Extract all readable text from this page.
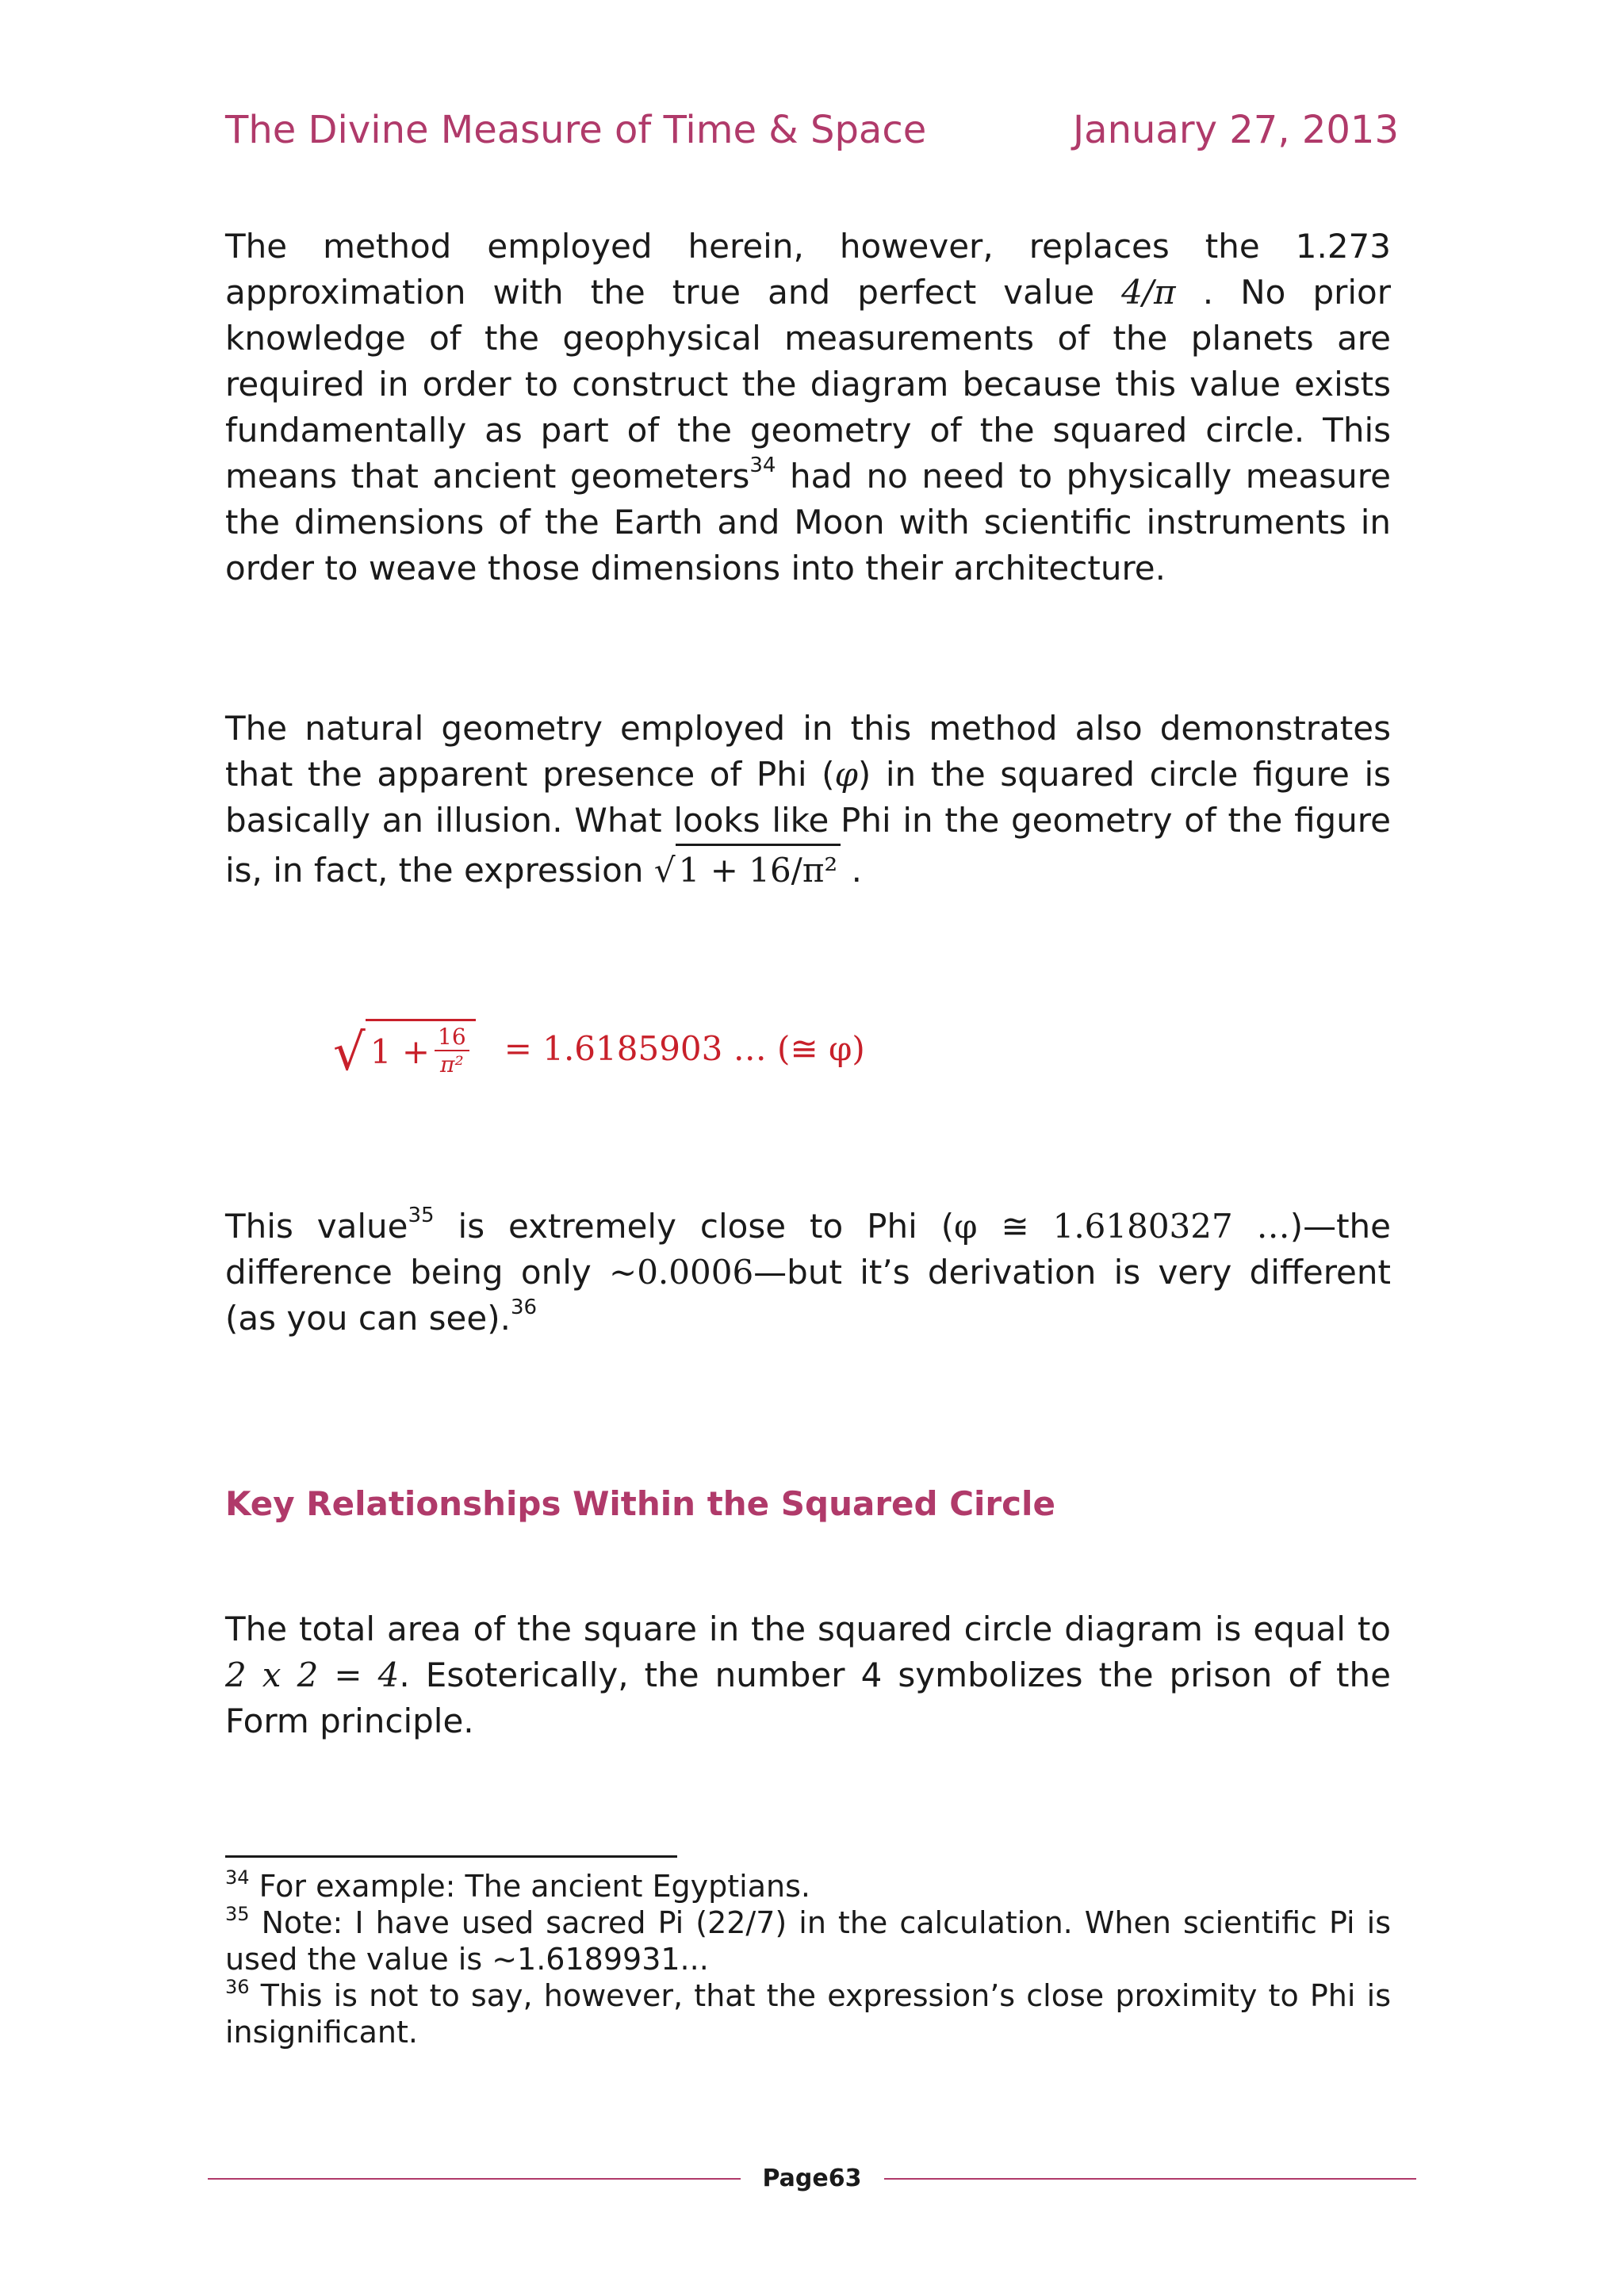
The Divine Measure of Time & Space	January 27, 2013
The method employed herein, however, replaces the 1.273 approximation with the true and perfect value 4/π . No prior knowledge of the geophysical measurements of the planets are required in order to construct the diagram because this value exists fundamentally as part of the geometry of the squared circle. This means that ancient geometers$^{34}$ had no need to physically measure the dimensions of the Earth and Moon with scientific instruments in order to weave those dimensions into their architecture.
The natural geometry employed in this method also demonstrates that the apparent presence of Phi (φ) in the squared circle figure is basically an illusion. What looks like Phi in the geometry of the figure is, in fact, the expression √1 + 16/π² .
√ $1 + \frac{16}{\text{π²}} = 1.6185903$ … (≅ φ)
This value$^{35}$ is extremely close to Phi (φ ≅ 1.6180327 …)—the difference being only ~0.0006—but it’s derivation is very different (as you can see).$^{36}$
Key Relationships Within the Squared Circle
The total area of the square in the squared circle diagram is equal to 2 x 2 = 4. Esoterically, the number 4 symbolizes the prison of the Form principle.
$^{34}$ For example: The ancient Egyptians.
$^{35}$ Note: I have used sacred Pi (22/7) in the calculation. When scientific Pi is used the value is ~1.6189931...
$^{36}$ This is not to say, however, that the expression’s close proximity to Phi is insignificant.
Page63
